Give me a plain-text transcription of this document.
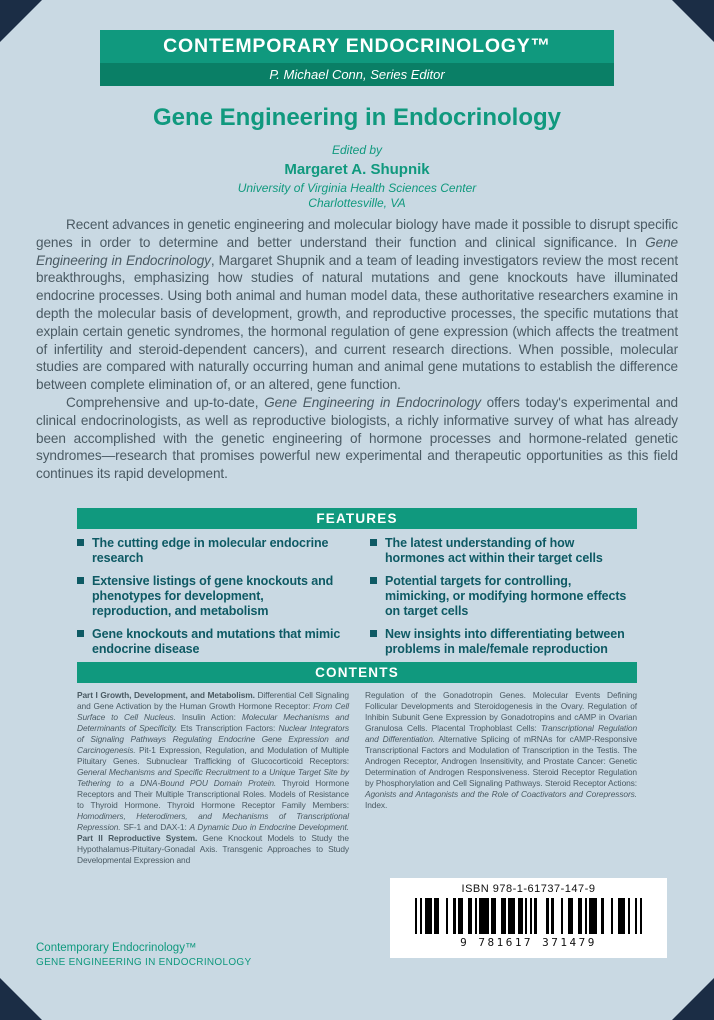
CONTEMPORARY ENDOCRINOLOGY™
P. Michael Conn, Series Editor
Gene Engineering in Endocrinology
Edited by
Margaret A. Shupnik
University of Virginia Health Sciences Center
Charlottesville, VA

Recent advances in genetic engineering and molecular biology have made it possible to disrupt specific genes in order to determine and better understand their function and clinical significance. In Gene Engineering in Endocrinology, Margaret Shupnik and a team of leading investigators review the most recent breakthroughs, emphasizing how studies of natural mutations and gene knockouts have illuminated endocrine processes. Using both animal and human model data, these authoritative researchers examine in depth the molecular basis of development, growth, and reproductive processes, the specific mutations that explain certain genetic syndromes, the hormonal regulation of gene expression (which affects the treatment of infertility and steroid-dependent cancers), and current research directions. When possible, molecular studies are compared with naturally occurring human and animal gene mutations to establish the difference between complete elimination of, or an altered, gene function.

Comprehensive and up-to-date, Gene Engineering in Endocrinology offers today's experimental and clinical endocrinologists, as well as reproductive biologists, a richly informative survey of what has already been accomplished with the genetic engineering of hormone processes and hormone-related genetic syndromes—research that promises powerful new experimental and therapeutic opportunities as this field continues its rapid development.

FEATURES
The cutting edge in molecular endocrine research
Extensive listings of gene knockouts and phenotypes for development, reproduction, and metabolism
Gene knockouts and mutations that mimic endocrine disease
The latest understanding of how hormones act within their target cells
Potential targets for controlling, mimicking, or modifying hormone effects on target cells
New insights into differentiating between problems in male/female reproduction
CONTENTS
Part I Growth, Development, and Metabolism. Differential Cell Signaling and Gene Activation by the Human Growth Hormone Receptor: From Cell Surface to Cell Nucleus. Insulin Action: Molecular Mechanisms and Determinants of Specificity. Ets Transcription Factors: Nuclear Integrators of Signaling Pathways Regulating Endocrine Gene Expression and Carcinogenesis. Pit-1 Expression, Regulation, and Modulation of Multiple Pituitary Genes. Subnuclear Trafficking of Glucocorticoid Receptors: General Mechanisms and Specific Recruitment to a Unique Target Site by Tethering to a DNA-Bound POU Domain Protein. Thyroid Hormone Receptors and Their Multiple Transcriptional Roles. Models of Resistance to Thyroid Hormone. Thyroid Hormone Receptor Family Members: Homodimers, Heterodimers, and Mechanisms of Transcriptional Repression. SF-1 and DAX-1: A Dynamic Duo in Endocrine Development. Part II Reproductive System. Gene Knockout Models to Study the Hypothalamus-Pituitary-Gonadal Axis. Transgenic Approaches to Study Developmental Expression and
Regulation of the Gonadotropin Genes. Molecular Events Defining Follicular Developments and Steroidogenesis in the Ovary. Regulation of Inhibin Subunit Gene Expression by Gonadotropins and cAMP in Ovarian Granulosa Cells. Placental Trophoblast Cells: Transcriptional Regulation and Differentiation. Alternative Splicing of mRNAs for cAMP-Responsive Transcriptional Factors and Modulation of Transcription in the Testis. The Androgen Receptor, Androgen Insensitivity, and Prostate Cancer: Genetic Determination of Androgen Responsiveness. Steroid Receptor Regulation by Phosphorylation and Cell Signaling Pathways. Steroid Receptor Actions: Agonists and Antagonists and the Role of Coactivators and Corepressors. Index.
ISBN 978-1-61737-147-9
9 781617 371479
Contemporary Endocrinology™
GENE ENGINEERING IN ENDOCRINOLOGY
